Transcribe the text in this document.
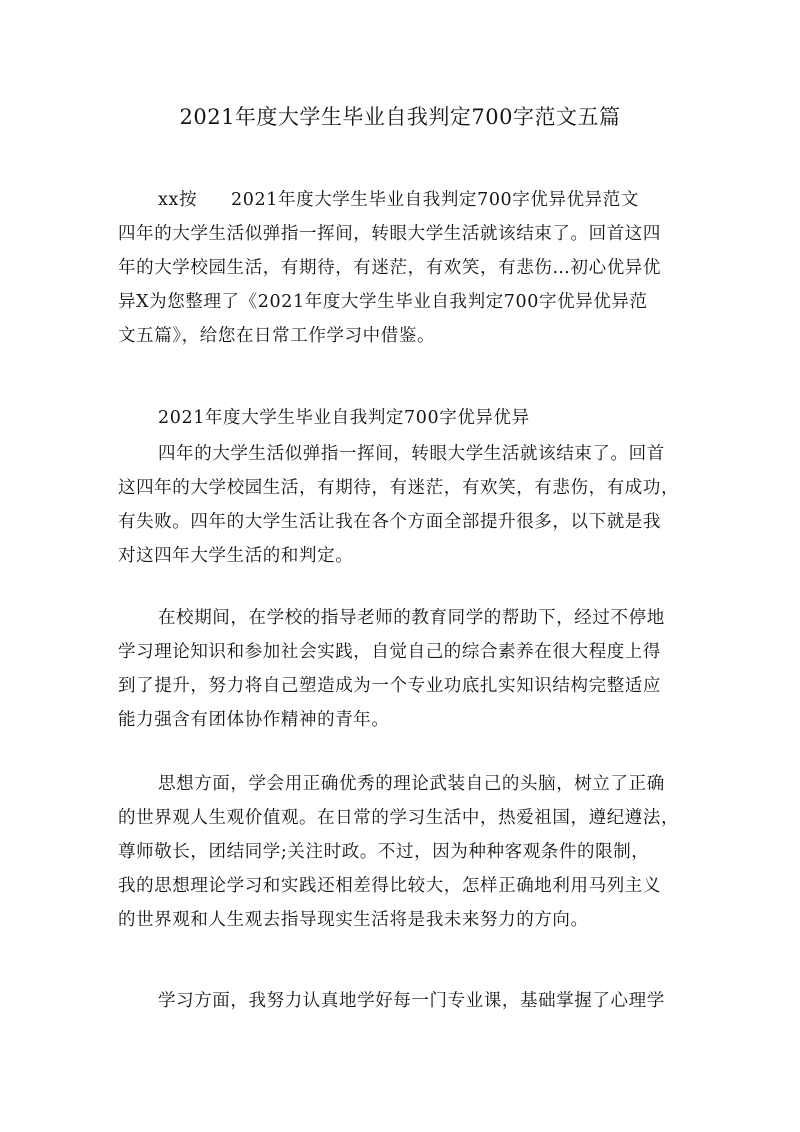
2021年度大学生毕业自我判定700字范文五篇
xx按 2021年度大学生毕业自我判定700字优异优异范文
四年的大学生活似弹指一挥间，转眼大学生活就该结束了。回首这四
年的大学校园生活，有期待，有迷茫，有欢笑，有悲伤…初心优异优
异X为您整理了《2021年度大学生毕业自我判定700字优异优异范
文五篇》，给您在日常工作学习中借鉴。
2021年度大学生毕业自我判定700字优异优异
四年的大学生活似弹指一挥间，转眼大学生活就该结束了。回首
这四年的大学校园生活，有期待，有迷茫，有欢笑，有悲伤，有成功，
有失败。四年的大学生活让我在各个方面全部提升很多，以下就是我
对这四年大学生活的和判定。
在校期间，在学校的指导老师的教育同学的帮助下，经过不停地
学习理论知识和参加社会实践，自觉自己的综合素养在很大程度上得
到了提升，努力将自己塑造成为一个专业功底扎实知识结构完整适应
能力强含有团体协作精神的青年。
思想方面，学会用正确优秀的理论武装自己的头脑，树立了正确
的世界观人生观价值观。在日常的学习生活中，热爱祖国，遵纪遵法，
尊师敬长，团结同学;关注时政。不过，因为种种客观条件的限制，
我的思想理论学习和实践还相差得比较大，怎样正确地利用马列主义
的世界观和人生观去指导现实生活将是我未来努力的方向。
学习方面，我努力认真地学好每一门专业课，基础掌握了心理学
